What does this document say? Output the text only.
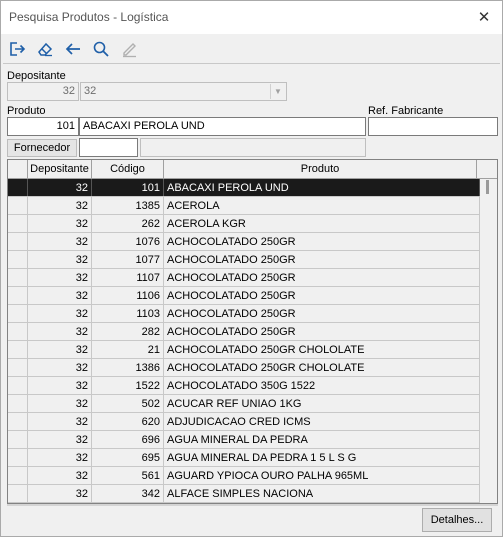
Pesquisa Produtos - Logística	✕
Depositante
32 32	▼
Produto
101 ABACAXI PEROLA UND
Ref. Fabricante
Fornecedor
Depositante	Código	Produto
32	101 ABACAXI PEROLA UND
32	1385 ACEROLA
32	262 ACEROLA KGR
32	1076 ACHOCOLATADO 250GR
32	1077 ACHOCOLATADO 250GR
32	1107 ACHOCOLATADO 250GR
32	1106 ACHOCOLATADO 250GR
32	1103 ACHOCOLATADO 250GR
32	282 ACHOCOLATADO 250GR
32	21 ACHOCOLATADO 250GR CHOLOLATE
32	1386 ACHOCOLATADO 250GR CHOLOLATE
32	1522 ACHOCOLATADO 350G 1522
32	502 ACUCAR REF UNIAO 1KG
32	620 ADJUDICACAO CRED ICMS
32	696 AGUA MINERAL DA PEDRA
32	695 AGUA MINERAL DA PEDRA 1 5 L S G
32	561 AGUARD YPIOCA OURO PALHA 965ML
32	342 ALFACE SIMPLES NACIONA
Detalhes...
